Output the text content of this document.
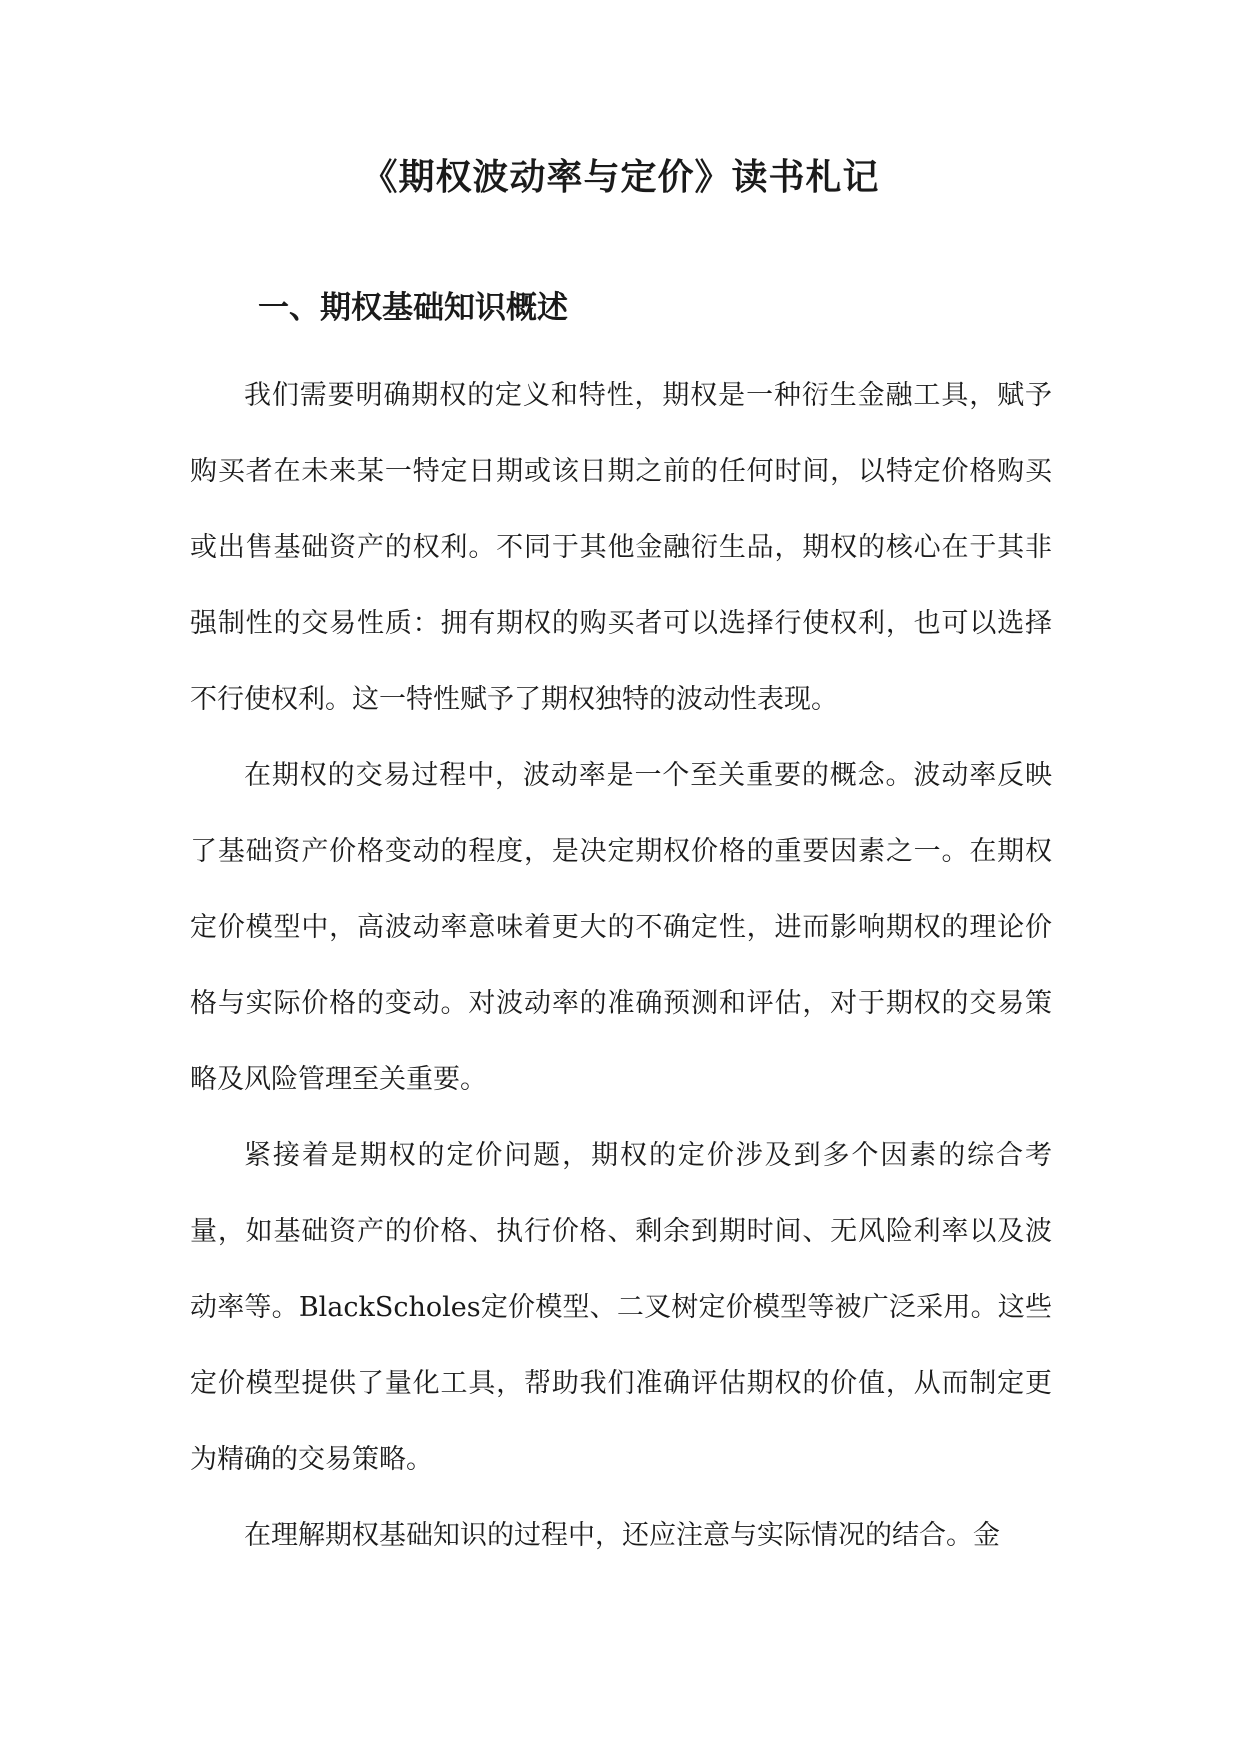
《期权波动率与定价》读书札记
一、期权基础知识概述

我们需要明确期权的定义和特性，期权是一种衍生金融工具，赋予购买者在未来某一特定日期或该日期之前的任何时间，以特定价格购买或出售基础资产的权利。不同于其他金融衍生品，期权的核心在于其非强制性的交易性质：拥有期权的购买者可以选择行使权利，也可以选择不行使权利。这一特性赋予了期权独特的波动性表现。

在期权的交易过程中，波动率是一个至关重要的概念。波动率反映了基础资产价格变动的程度，是决定期权价格的重要因素之一。在期权定价模型中，高波动率意味着更大的不确定性，进而影响期权的理论价格与实际价格的变动。对波动率的准确预测和评估，对于期权的交易策略及风险管理至关重要。

紧接着是期权的定价问题，期权的定价涉及到多个因素的综合考量，如基础资产的价格、执行价格、剩余到期时间、无风险利率以及波动率等。BlackScholes定价模型、二叉树定价模型等被广泛采用。这些定价模型提供了量化工具，帮助我们准确评估期权的价值，从而制定更为精确的交易策略。

在理解期权基础知识的过程中，还应注意与实际情况的结合。金
